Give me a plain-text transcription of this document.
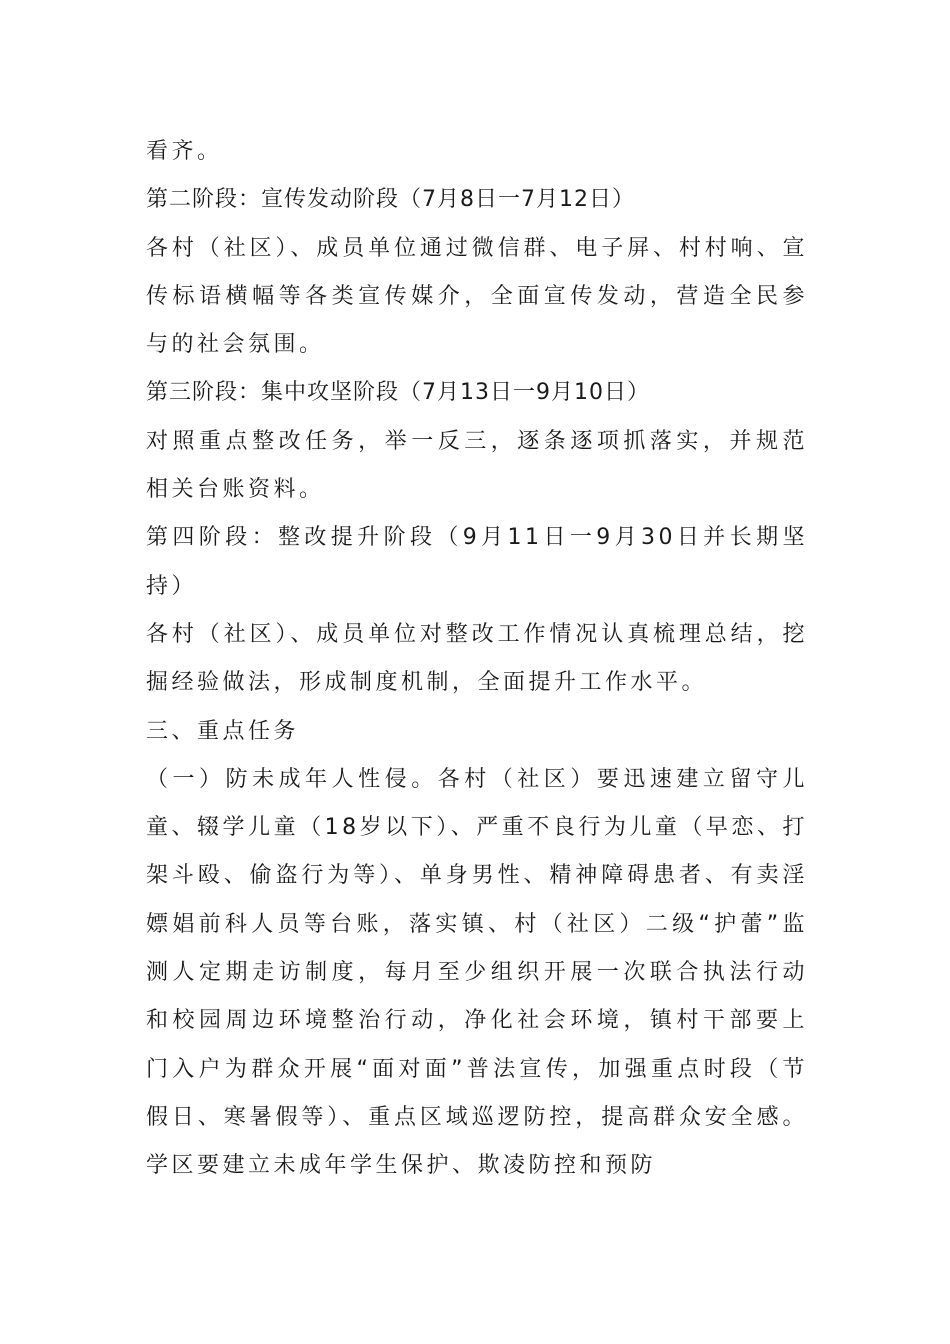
看齐。

第二阶段：宣传发动阶段（7月8日一7月12日）

各村（社区）、成员单位通过微信群、电子屏、村村响、宣传标语横幅等各类宣传媒介，全面宣传发动，营造全民参与的社会氛围。

第三阶段：集中攻坚阶段（7月13日一9月10日）

对照重点整改任务，举一反三，逐条逐项抓落实，并规范相关台账资料。

第四阶段：整改提升阶段（9月11日一9月30日并长期坚持）

各村（社区）、成员单位对整改工作情况认真梳理总结，挖掘经验做法，形成制度机制，全面提升工作水平。

三、重点任务

（一）防未成年人性侵。各村（社区）要迅速建立留守儿童、辍学儿童（18岁以下）、严重不良行为儿童（早恋、打架斗殴、偷盗行为等）、单身男性、精神障碍患者、有卖淫嫖娼前科人员等台账，落实镇、村（社区）二级“护蕾”监测人定期走访制度，每月至少组织开展一次联合执法行动和校园周边环境整治行动，净化社会环境，镇村干部要上门入户为群众开展“面对面”普法宣传，加强重点时段（节假日、寒暑假等）、重点区域巡逻防控，提高群众安全感。学区要建立未成年学生保护、欺凌防控和预防
